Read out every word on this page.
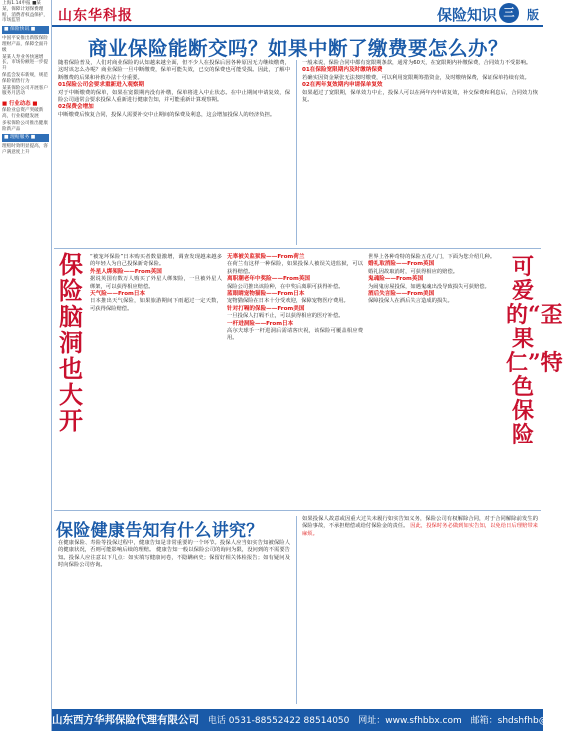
上海1.14申报 ■某某，保障计划保费理赔，消费者权益保护，市场监管
■ 保险快讯 ■
中国平安推出新版保险理财产品，保障全面升级
某某人寿业务快速增长，市场份额进一步提升
保监会发布新规，规范保险销售行为
某某保险公司开展客户服务月活动
■ 行业动态 ■
保险业总资产突破新高，行业稳健发展
多家保险公司推出健康险新产品
■ 理赔服务 ■
理赔时效明显提高，客户满意度上升
山东华科报	保险知识 三	版
商业保险能断交吗？如果中断了缴费要怎么办？
随着保险普及，人们对商业保险的认知越来越全面，但不少人在投保后因各种原因无力继续缴费，这时该怎么办呢？商业保险一旦中断缴费，保单可能失效，已交的保费也可能受损。因此，了解中断缴费的后果和补救办法十分重要。
01保险公司会要求重新进入观察期
对于中断缴费的保单，如果在宽限期内没有补缴，保单将进入中止状态。在中止期间申请复效，保险公司通常会要求投保人重新进行健康告知，并可能重新计算观察期。
02保费会增加
中断缴费后恢复合同，投保人需要补交中止期间的保费及利息，这会增加投保人的经济负担。
一般来说，保险合同中都有宽限期条款，通常为60天，在宽限期内补缴保费，合同效力不受影响。
01在保险宽限期内及时缴纳保费
若确实因资金紧张无法按时缴费，可以利用宽限期筹措资金，及时缴纳保费，保证保单持续有效。
02在两年复效期内申请保单复效
如果超过了宽限期，保单效力中止，投保人可以在两年内申请复效，补交保费和利息后，合同效力恢复。
保险脑洞也大开
“被宠坏保险”日本购买者数量激增，调查发现越来越多的年轻人为自己投保新奇保险。
外星人绑架险——From英国
据说英国有数万人购买了外星人绑架险，一旦被外星人绑架，可以获得相应赔偿。
天气险——From日本
日本推出天气保险，如果旅游期间下雨超过一定天数，可获得保险赔偿。
无辜被关监狱险——From荷兰
在荷兰有这样一种保险，如果投保人被误关进监狱，可以获得赔偿。
离职潮老年中奖险——From英国
保险公司推出该险种，在中奖后离职可获得补偿。
蓝眼睛宠物猫险——From日本
宠物猫保险在日本十分受欢迎，保障宠物医疗费用。
针对打嗝的保险——From美国
一旦投保人打嗝不止，可以获得相应的医疗补偿。
一杆进洞险——From日本
高尔夫球手一杆进洞后需请客庆祝，该保险可覆盖相应费用。
世界上各种奇特的保险五花八门，下面为您介绍几种。
婚礼取消险——From英国
婚礼因故取消时，可获得相应的赔偿。
鬼魂险——From英国
为闹鬼房屋投保，如遇鬼魂出没导致损失可获赔偿。
酒后失言险——From美国
保障投保人在酒后失言造成的损失。
可爱的“歪果仁”特色保险
保险健康告知有什么讲究？
在健康保险、寿险等投保过程中，健康告知是非常重要的一个环节。投保人应当如实告知被保险人的健康状况，否则可能影响后续的理赔。 健康告知一般以保险公司的询问为限，没问到的不需要告知。投保人应注意以下几点：如实填写健康问卷，不隐瞒病史；保留好相关体检报告；如有疑问及时向保险公司咨询。
如果投保人故意或因重大过失未履行如实告知义务，保险公司有权解除合同，对于合同解除前发生的保险事故，不承担赔偿或给付保险金的责任。 因此，投保时务必做到如实告知，以免给日后理赔带来麻烦。
山东西方华邦保险代理有限公司 电话 0531-88552422 88514050 网址：www.sfhbbx.com 邮箱：shdshfhb@163.com
